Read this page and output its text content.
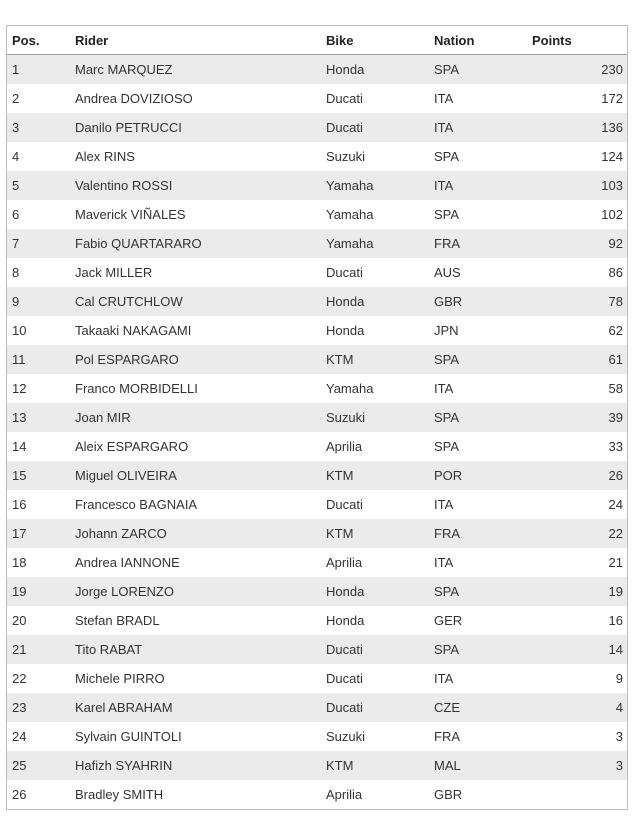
Pos.	Rider	Bike	Nation	Points
1	Marc MARQUEZ	Honda	SPA	230
2	Andrea DOVIZIOSO	Ducati	ITA	172
3	Danilo PETRUCCI	Ducati	ITA	136
4	Alex RINS	Suzuki	SPA	124
5	Valentino ROSSI	Yamaha	ITA	103
6	Maverick VIÑALES	Yamaha	SPA	102
7	Fabio QUARTARARO	Yamaha	FRA	92
8	Jack MILLER	Ducati	AUS	86
9	Cal CRUTCHLOW	Honda	GBR	78
10	Takaaki NAKAGAMI	Honda	JPN	62
11	Pol ESPARGARO	KTM	SPA	61
12	Franco MORBIDELLI	Yamaha	ITA	58
13	Joan MIR	Suzuki	SPA	39
14	Aleix ESPARGARO	Aprilia	SPA	33
15	Miguel OLIVEIRA	KTM	POR	26
16	Francesco BAGNAIA	Ducati	ITA	24
17	Johann ZARCO	KTM	FRA	22
18	Andrea IANNONE	Aprilia	ITA	21
19	Jorge LORENZO	Honda	SPA	19
20	Stefan BRADL	Honda	GER	16
21	Tito RABAT	Ducati	SPA	14
22	Michele PIRRO	Ducati	ITA	9
23	Karel ABRAHAM	Ducati	CZE	4
24	Sylvain GUINTOLI	Suzuki	FRA	3
25	Hafizh SYAHRIN	KTM	MAL	3
26	Bradley SMITH	Aprilia	GBR
